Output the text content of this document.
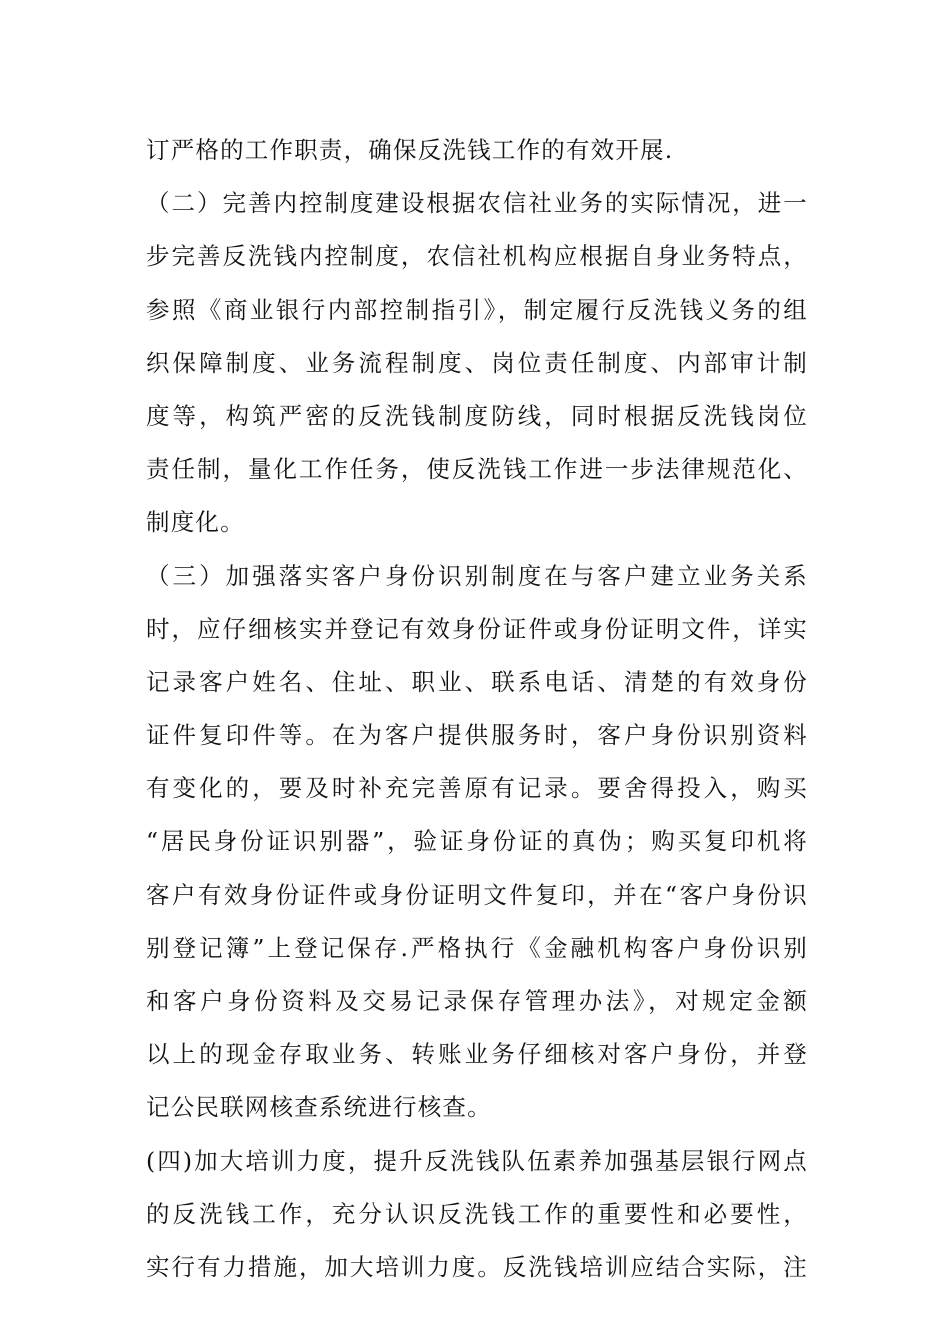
订严格的工作职责，确保反洗钱工作的有效开展.
（二）完善内控制度建设根据农信社业务的实际情况，进一
步完善反洗钱内控制度，农信社机构应根据自身业务特点，
参照《商业银行内部控制指引》，制定履行反洗钱义务的组
织保障制度、业务流程制度、岗位责任制度、内部审计制
度等，构筑严密的反洗钱制度防线，同时根据反洗钱岗位
责任制，量化工作任务，使反洗钱工作进一步法律规范化、
制度化。
（三）加强落实客户身份识别制度在与客户建立业务关系
时，应仔细核实并登记有效身份证件或身份证明文件，详实
记录客户姓名、住址、职业、联系电话、清楚的有效身份
证件复印件等。在为客户提供服务时，客户身份识别资料
有变化的，要及时补充完善原有记录。要舍得投入，购买
“居民身份证识别器”，验证身份证的真伪；购买复印机将
客户有效身份证件或身份证明文件复印，并在“客户身份识
别登记簿”上登记保存.严格执行《金融机构客户身份识别
和客户身份资料及交易记录保存管理办法》，对规定金额
以上的现金存取业务、转账业务仔细核对客户身份，并登
记公民联网核查系统进行核查。
(四)加大培训力度，提升反洗钱队伍素养加强基层银行网点
的反洗钱工作，充分认识反洗钱工作的重要性和必要性，
实行有力措施，加大培训力度。反洗钱培训应结合实际，注
